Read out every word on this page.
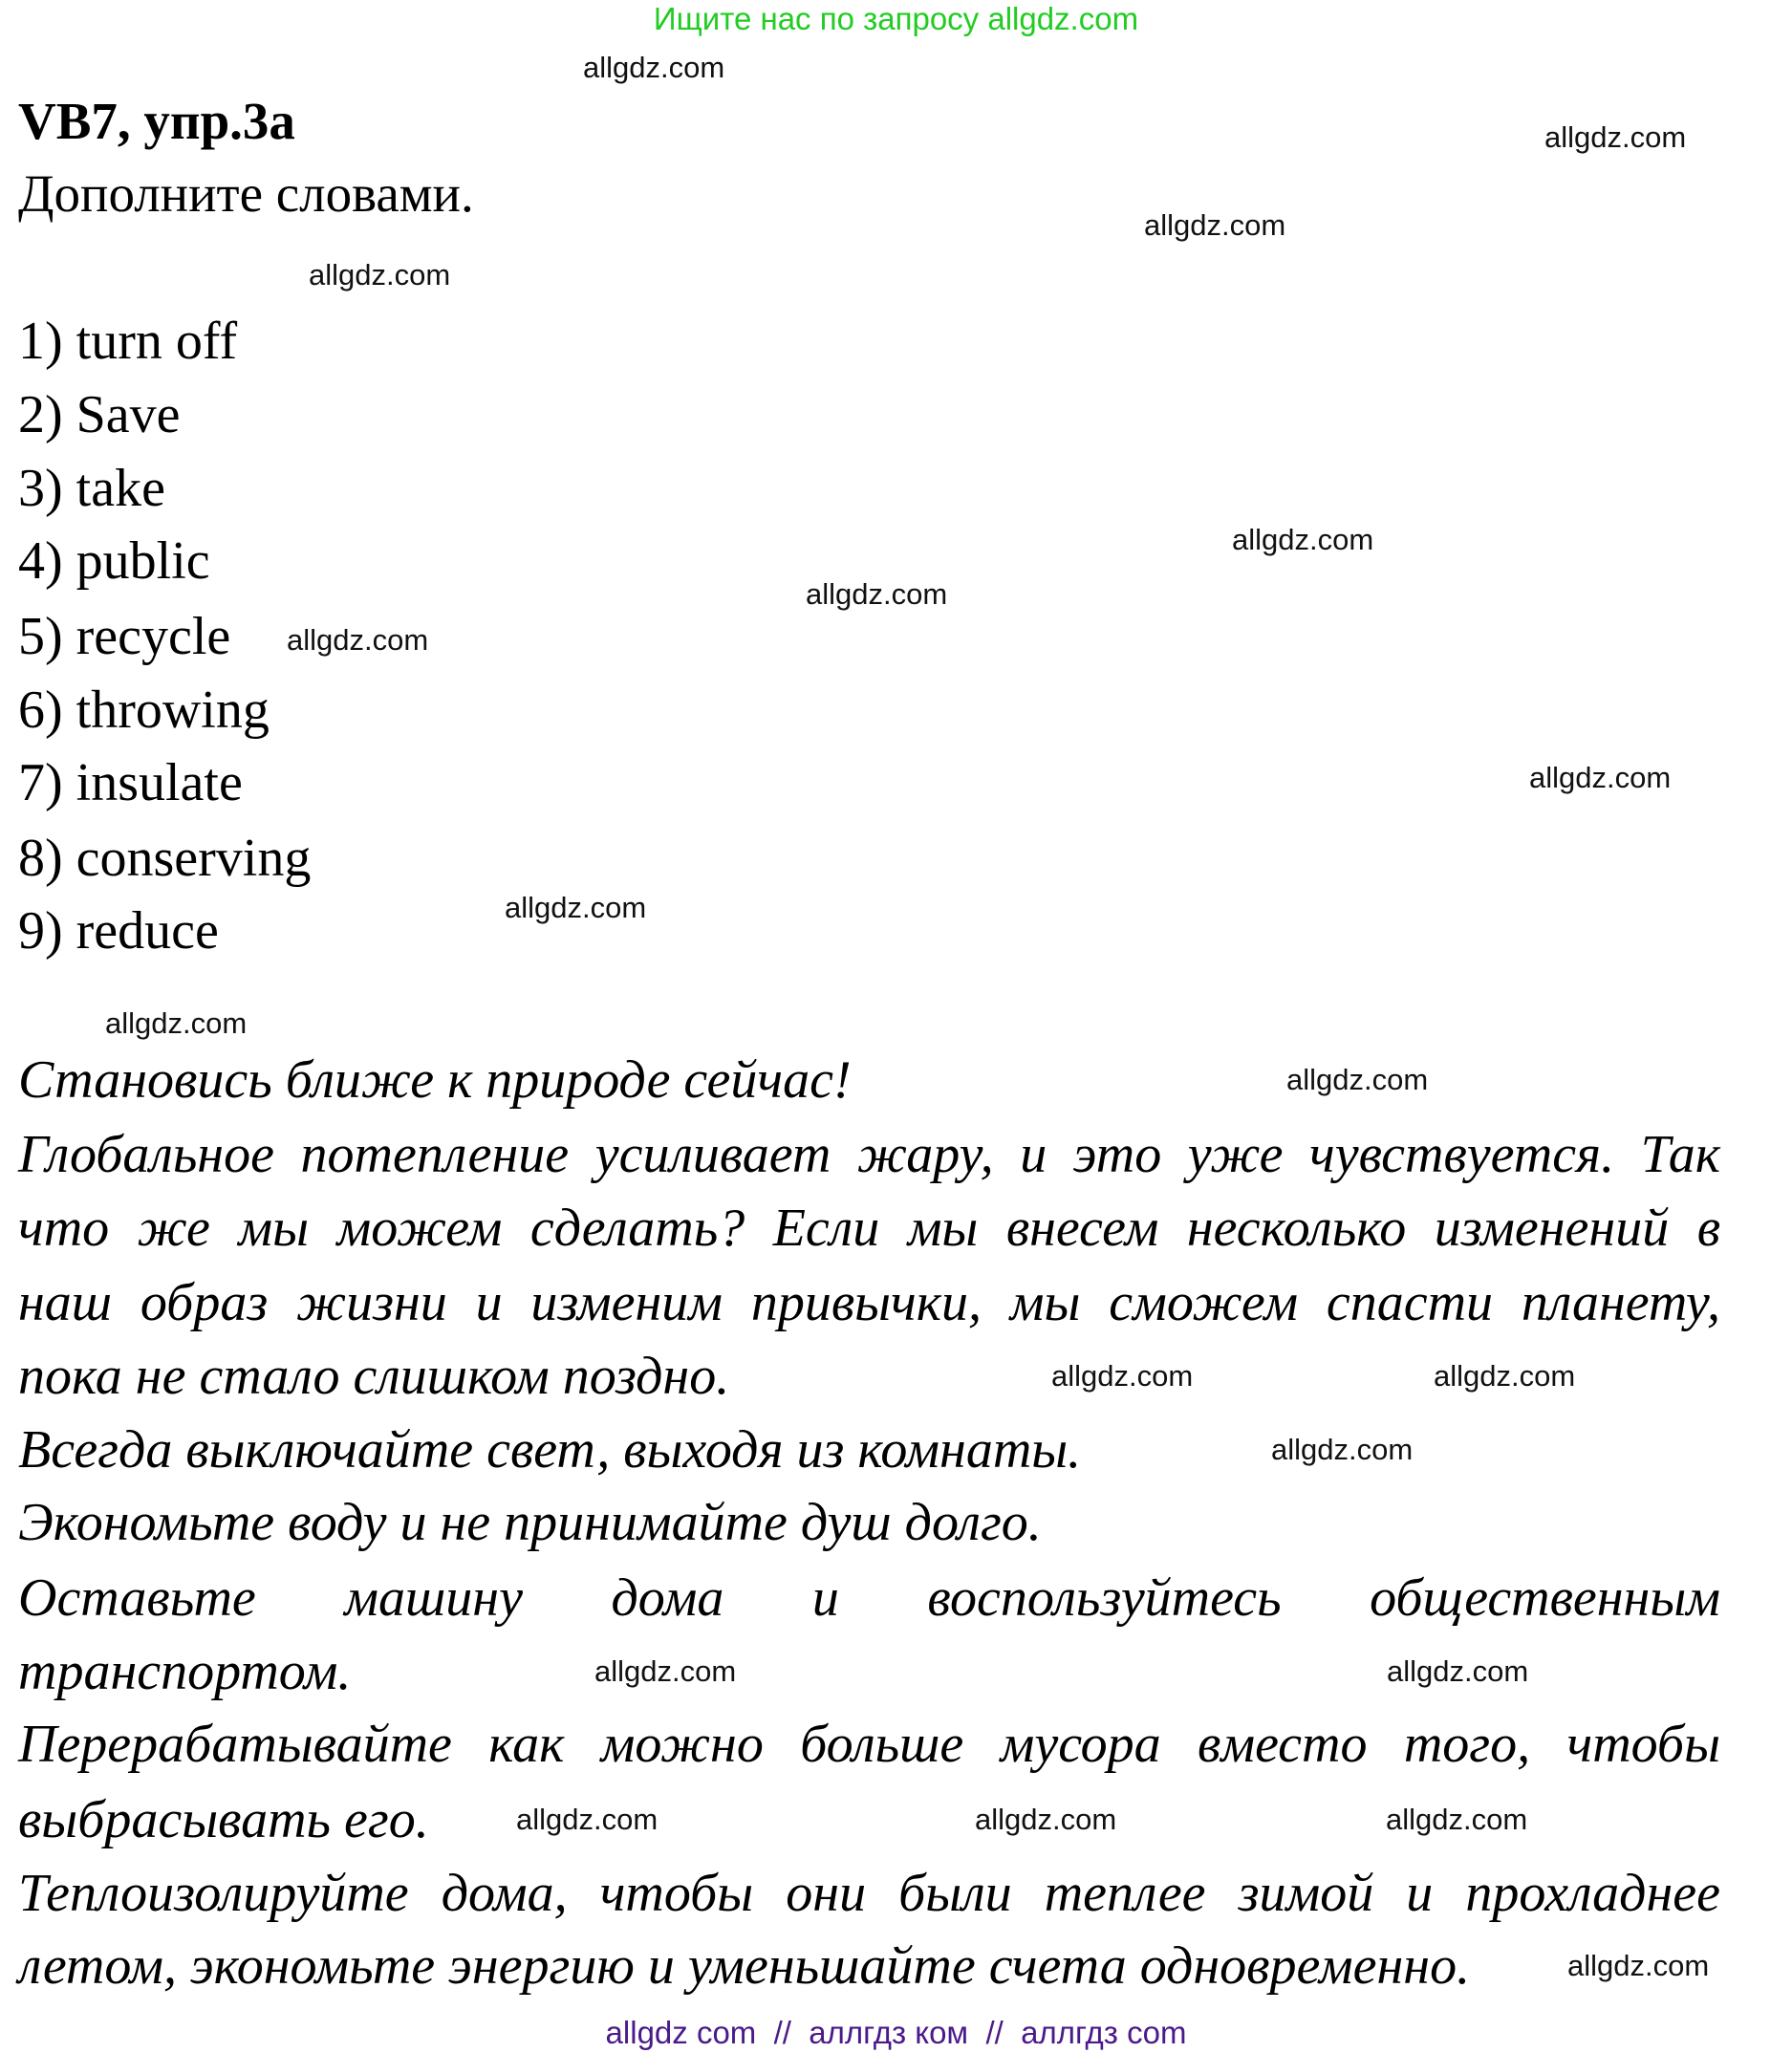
Ищите нас по запросу allgdz.com
VB7, упр.3а
Дополните словами.
1) turn off
2) Save
3) take
4) public
5) recycle
6) throwing
7) insulate
8) conserving
9) reduce
Становись ближе к природе сейчас!
Глобальное потепление усиливает жару, и это уже чувствуется. Так
что же мы можем сделать? Если мы внесем несколько изменений в
наш образ жизни и изменим привычки, мы сможем спасти планету,
пока не стало слишком поздно.
Всегда выключайте свет, выходя из комнаты.
Экономьте воду и не принимайте душ долго.
Оставьте машину дома и воспользуйтесь общественным
транспортом.
Перерабатывайте как можно больше мусора вместо того, чтобы
выбрасывать его.
Теплоизолируйте дома, чтобы они были теплее зимой и прохладнее
летом, экономьте энергию и уменьшайте счета одновременно.
allgdz.com
allgdz.com
allgdz.com
allgdz.com
allgdz.com
allgdz.com
allgdz.com
allgdz.com
allgdz.com
allgdz.com
allgdz.com
allgdz.com
allgdz.com
allgdz.com
allgdz.com	allgdz.com
allgdz.com
allgdz.com	allgdz.com
allgdz.com
allgdz com  //  аллгдз ком  //  аллгдз com
